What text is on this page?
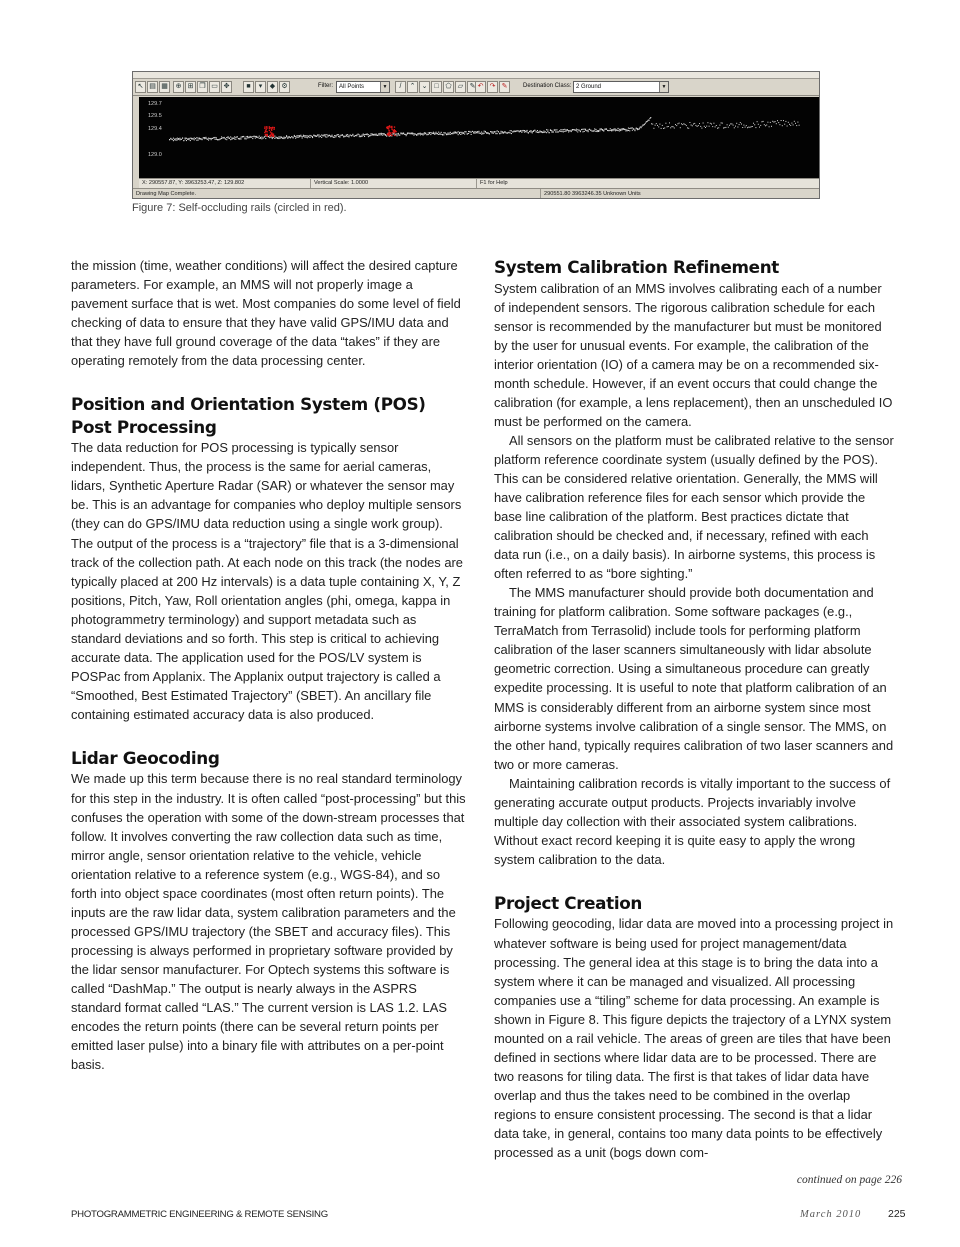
↖ ▤ ▦	⊕ ⊞ ❐ ▭ ✥	■	▾	◆ ⚙	Filter:	All Points	▼	/	⌃ ⌄ □ ⬠ ▱ ✎ ↶ ↷ ✎	Destination Class: 2 Ground	▼
129.7
129.5
129.4
129.0
X: 290557.87, Y: 3963253.47, Z: 129.802	Vertical Scale: 1.0000	F1 for Help
Drawing Map Complete.	290551.80 3963246.35 Unknown Units
Figure 7: Self-occluding rails (circled in red).

the mission (time, weather conditions) will affect the desired capture parameters. For example, an MMS will not properly image a pavement surface that is wet. Most companies do some level of field checking of data to ensure that they have valid GPS/IMU data and that they have full ground coverage of the data “takes” if they are operating remotely from the data processing center.

Position and Orientation System (POS) Post Processing

The data reduction for POS processing is typically sensor independent. Thus, the process is the same for aerial cameras, lidars, Synthetic Aperture Radar (SAR) or whatever the sensor may be. This is an advantage for companies who deploy multiple sensors (they can do GPS/IMU data reduction using a single work group). The output of the process is a “trajectory” file that is a 3-dimensional track of the collection path. At each node on this track (the nodes are typically placed at 200 Hz intervals) is a data tuple containing X, Y, Z positions, Pitch, Yaw, Roll orientation angles (phi, omega, kappa in photogrammetry terminology) and support metadata such as standard deviations and so forth. This step is critical to achieving accurate data. The application used for the POS/LV system is POSPac from Applanix. The Applanix output trajectory is called a “Smoothed, Best Estimated Trajectory” (SBET). An ancillary file containing estimated accuracy data is also produced.

Lidar Geocoding

We made up this term because there is no real standard terminology for this step in the industry. It is often called “post-processing” but this confuses the operation with some of the down-stream processes that follow. It involves converting the raw collection data such as time, mirror angle, sensor orientation relative to the vehicle, vehicle orientation relative to a reference system (e.g., WGS-84), and so forth into object space coordinates (most often return points). The inputs are the raw lidar data, system calibration parameters and the processed GPS/IMU trajectory (the SBET and accuracy files). This processing is always performed in proprietary software provided by the lidar sensor manufacturer. For Optech systems this software is called “DashMap.” The output is nearly always in the ASPRS standard format called “LAS.” The current version is LAS 1.2. LAS encodes the return points (there can be several return points per emitted laser pulse) into a binary file with attributes on a per-point basis.

System Calibration Refinement

System calibration of an MMS involves calibrating each of a number of independent sensors. The rigorous calibration schedule for each sensor is recommended by the manufacturer but must be monitored by the user for unusual events. For example, the calibration of the interior orientation (IO) of a camera may be on a recommended six- month schedule. However, if an event occurs that could change the calibration (for example, a lens replacement), then an unscheduled IO must be performed on the camera.

All sensors on the platform must be calibrated relative to the sensor platform reference coordinate system (usually defined by the POS). This can be considered relative orientation. Generally, the MMS will have calibration reference files for each sensor which provide the base line calibration of the platform. Best practices dictate that calibration should be checked and, if necessary, refined with each data run (i.e., on a daily basis). In airborne systems, this process is often referred to as “bore sighting.”

The MMS manufacturer should provide both documentation and training for platform calibration. Some software packages (e.g., TerraMatch from Terrasolid) include tools for performing platform calibration of the laser scanners simultaneously with lidar absolute geometric correction. Using a simultaneous procedure can greatly expedite processing. It is useful to note that platform calibration of an MMS is considerably different from an airborne system since most airborne systems involve calibration of a single sensor. The MMS, on the other hand, typically requires calibration of two laser scanners and two or more cameras.

Maintaining calibration records is vitally important to the success of generating accurate output products. Projects invariably involve multiple day collection with their associated system calibrations. Without exact record keeping it is quite easy to apply the wrong system calibration to the data.

Project Creation

Following geocoding, lidar data are moved into a processing project in whatever software is being used for project management/data processing. The general idea at this stage is to bring the data into a system where it can be managed and visualized. All processing companies use a “tiling” scheme for data processing. An example is shown in Figure 8. This figure depicts the trajectory of a LYNX system mounted on a rail vehicle. The areas of green are tiles that have been defined in sections where lidar data are to be processed. There are two reasons for tiling data. The first is that takes of lidar data have overlap and thus the takes need to be combined in the overlap regions to ensure consistent processing. The second is that a lidar data take, in general, contains too many data points to be effectively processed as a unit (bogs down com-

continued on page 226
PHOTOGRAMMETRIC ENGINEERING & REMOTE SENSING	March 2010	225
